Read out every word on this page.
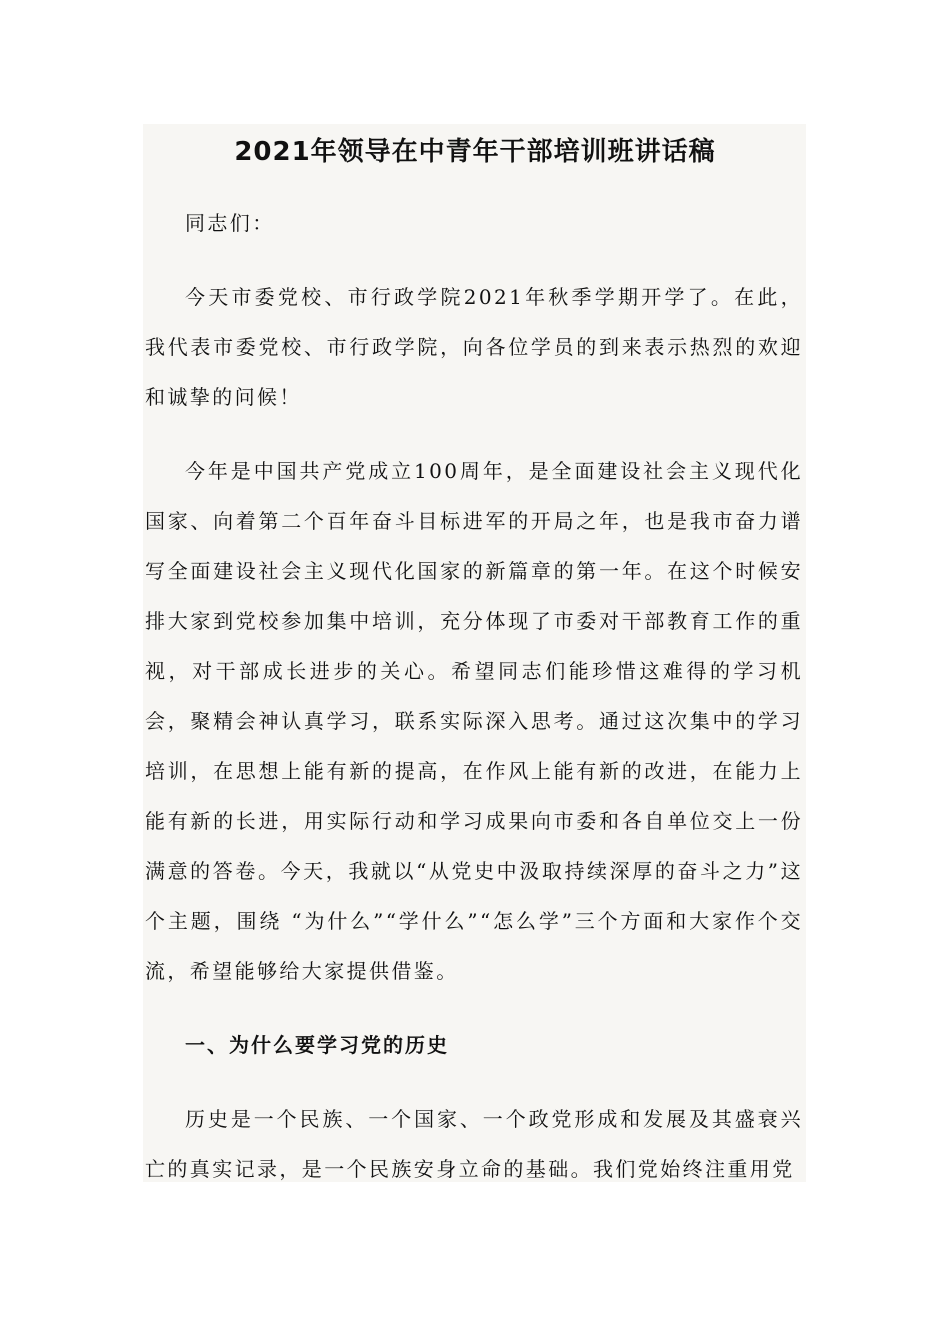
2021年领导在中青年干部培训班讲话稿

同志们：

今天市委党校、市行政学院2021年秋季学期开学了。在此，我代表市委党校、市行政学院，向各位学员的到来表示热烈的欢迎和诚挚的问候！

今年是中国共产党成立100周年，是全面建设社会主义现代化国家、向着第二个百年奋斗目标进军的开局之年，也是我市奋力谱写全面建设社会主义现代化国家的新篇章的第一年。在这个时候安排大家到党校参加集中培训，充分体现了市委对干部教育工作的重视，对干部成长进步的关心。希望同志们能珍惜这难得的学习机会，聚精会神认真学习，联系实际深入思考。通过这次集中的学习培训，在思想上能有新的提高，在作风上能有新的改进，在能力上能有新的长进，用实际行动和学习成果向市委和各自单位交上一份满意的答卷。今天，我就以“从党史中汲取持续深厚的奋斗之力”这个主题，围绕 “为什么”“学什么”“怎么学”三个方面和大家作个交流，希望能够给大家提供借鉴。

一、为什么要学习党的历史

历史是一个民族、一个国家、一个政党形成和发展及其盛衰兴亡的真实记录，是一个民族安身立命的基础。我们党始终注重用党
